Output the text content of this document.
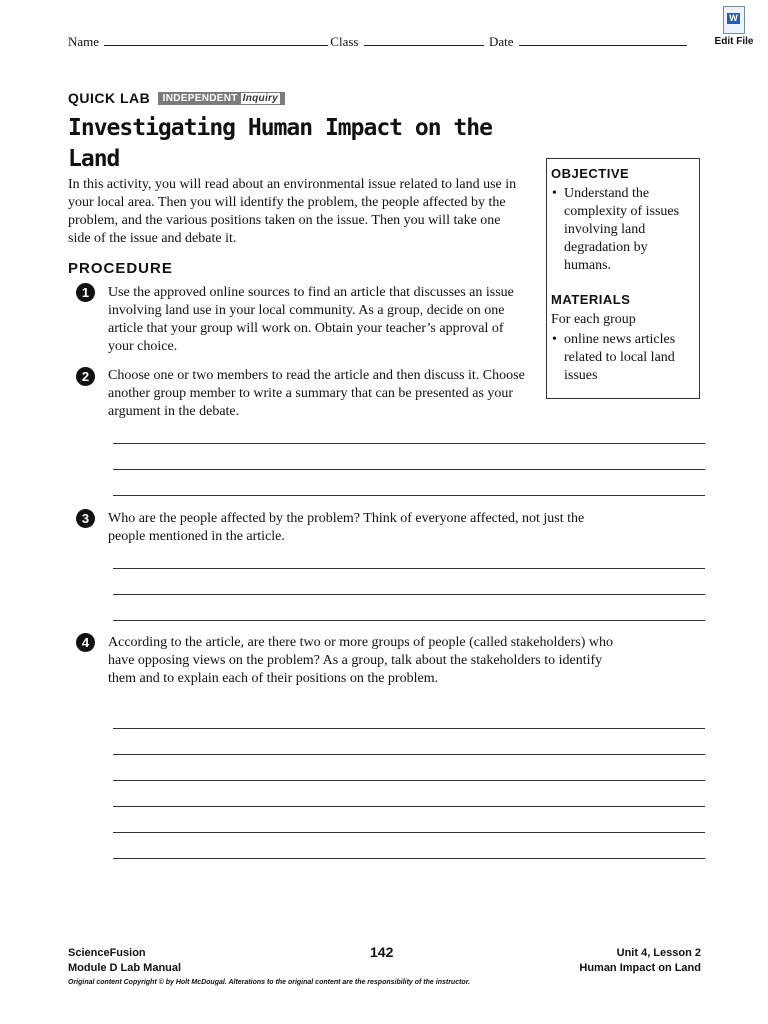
Name	Class	Date
W
Edit File
QUICK LAB INDEPENDENT Inquiry
Investigating Human Impact on the Land
In this activity, you will read about an environmental issue related to land use in your local area. Then you will identify the problem, the people affected by the problem, and the various positions taken on the issue. Then you will take one side of the issue and debate it.
PROCEDURE
1	Use the approved online sources to find an article that discusses an issue involving land use in your local community. As a group, decide on one article that your group will work on. Obtain your teacher’s approval of your choice.
2	Choose one or two members to read the article and then discuss it. Choose another group member to write a summary that can be presented as your argument in the debate.
3	Who are the people affected by the problem? Think of everyone affected, not just the people mentioned in the article.
4	According to the article, are there two or more groups of people (called stakeholders) who have opposing views on the problem? As a group, talk about the stakeholders to identify them and to explain each of their positions on the problem.
OBJECTIVE
• Understand the complexity of issues involving land degradation by humans.
MATERIALS
For each group
• online news articles related to local land issues
ScienceFusion
Module D Lab Manual
142	Unit 4, Lesson 2
Human Impact on Land
Original content Copyright © by Holt McDougal. Alterations to the original content are the responsibility of the instructor.
